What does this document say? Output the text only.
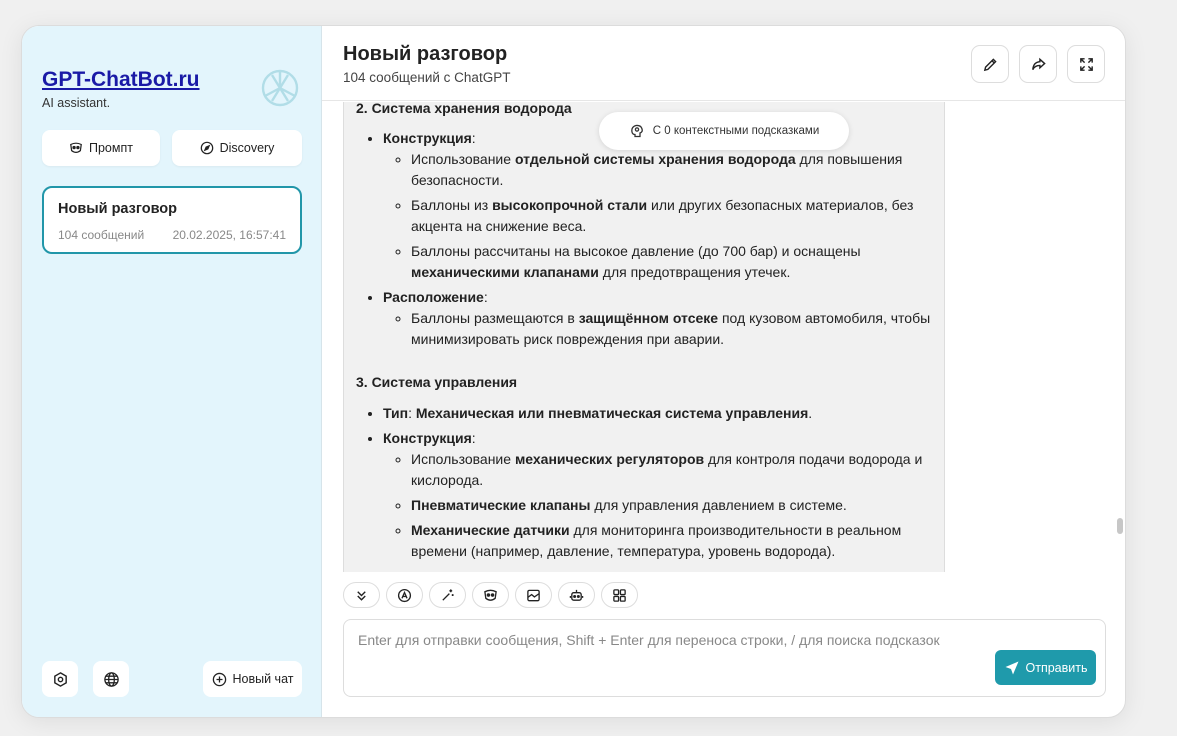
GPT-ChatBot.ru
AI assistant.
Промпт	Discovery
Новый разговор
104 сообщений 20.02.2025, 16:57:41
Новый чат
Новый разговор
104 сообщений с ChatGPT
2. Система хранения водорода
• Конструкция:
◦ Использование отдельной системы хранения водорода для повышения безопасности.
◦ Баллоны из высокопрочной стали или других безопасных материалов, без акцента на снижение веса.
◦ Баллоны рассчитаны на высокое давление (до 700 бар) и оснащены механическими клапанами для предотвращения утечек.
• Расположение:
◦ Баллоны размещаются в защищённом отсеке под кузовом автомобиля, чтобы минимизировать риск повреждения при аварии.
3. Система управления
• Тип: Механическая или пневматическая система управления.
• Конструкция:
◦ Использование механических регуляторов для контроля подачи водорода и кислорода.
◦ Пневматические клапаны для управления давлением в системе.
◦ Механические датчики для мониторинга производительности в реальном времени (например, давление, температура, уровень водорода).
С 0 контекстными подсказками
Enter для отправки сообщения, Shift + Enter для переноса строки, / для поиска подсказок
Отправить
